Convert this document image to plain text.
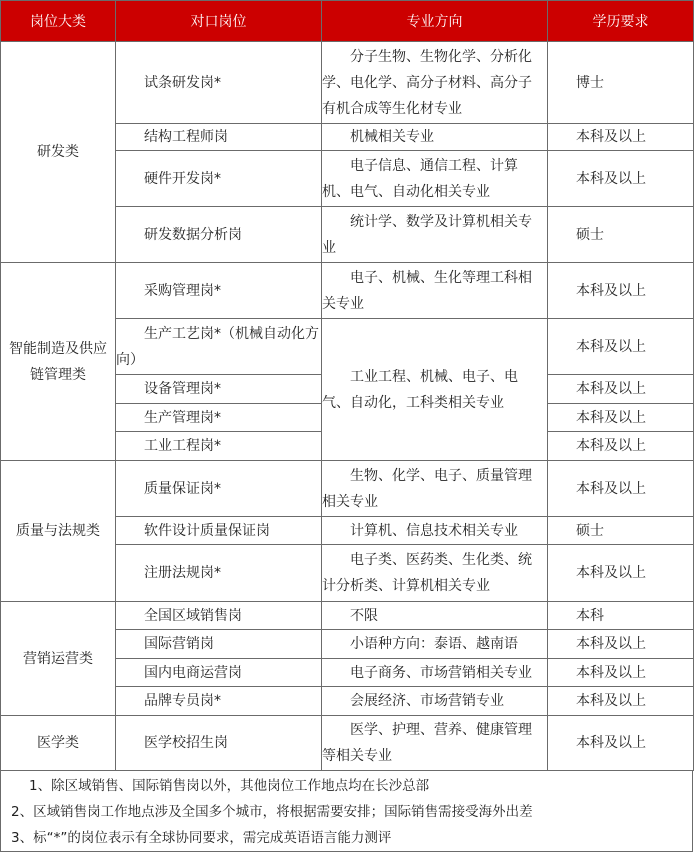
岗位大类	对口岗位	专业方向	学历要求
研发类	试条研发岗*	分子生物、生物化学、分析化学、电化学、高分子材料、高分子有机合成等生化材专业	博士
	结构工程师岗	机械相关专业	本科及以上
	硬件开发岗*	电子信息、通信工程、计算机、电气、自动化相关专业	本科及以上
	研发数据分析岗	统计学、数学及计算机相关专业	硕士
智能制造及供应链管理类	采购管理岗*	电子、机械、生化等理工科相关专业	本科及以上
	生产工艺岗*（机械自动化方向）	工业工程、机械、电子、电气、自动化，工科类相关专业	本科及以上
	设备管理岗*		本科及以上
	生产管理岗*		本科及以上
	工业工程岗*		本科及以上
质量与法规类	质量保证岗*	生物、化学、电子、质量管理相关专业	本科及以上
	软件设计质量保证岗	计算机、信息技术相关专业	硕士
	注册法规岗*	电子类、医药类、生化类、统计分析类、计算机相关专业	本科及以上
营销运营类	全国区域销售岗	不限	本科
	国际营销岗	小语种方向：泰语、越南语	本科及以上
	国内电商运营岗	电子商务、市场营销相关专业	本科及以上
	品牌专员岗*	会展经济、市场营销专业	本科及以上
医学类	医学校招生岗	医学、护理、营养、健康管理等相关专业	本科及以上
1、除区域销售、国际销售岗以外，其他岗位工作地点均在长沙总部
2、区域销售岗工作地点涉及全国多个城市，将根据需要安排；国际销售需接受海外出差
3、标“*”的岗位表示有全球协同要求，需完成英语语言能力测评
